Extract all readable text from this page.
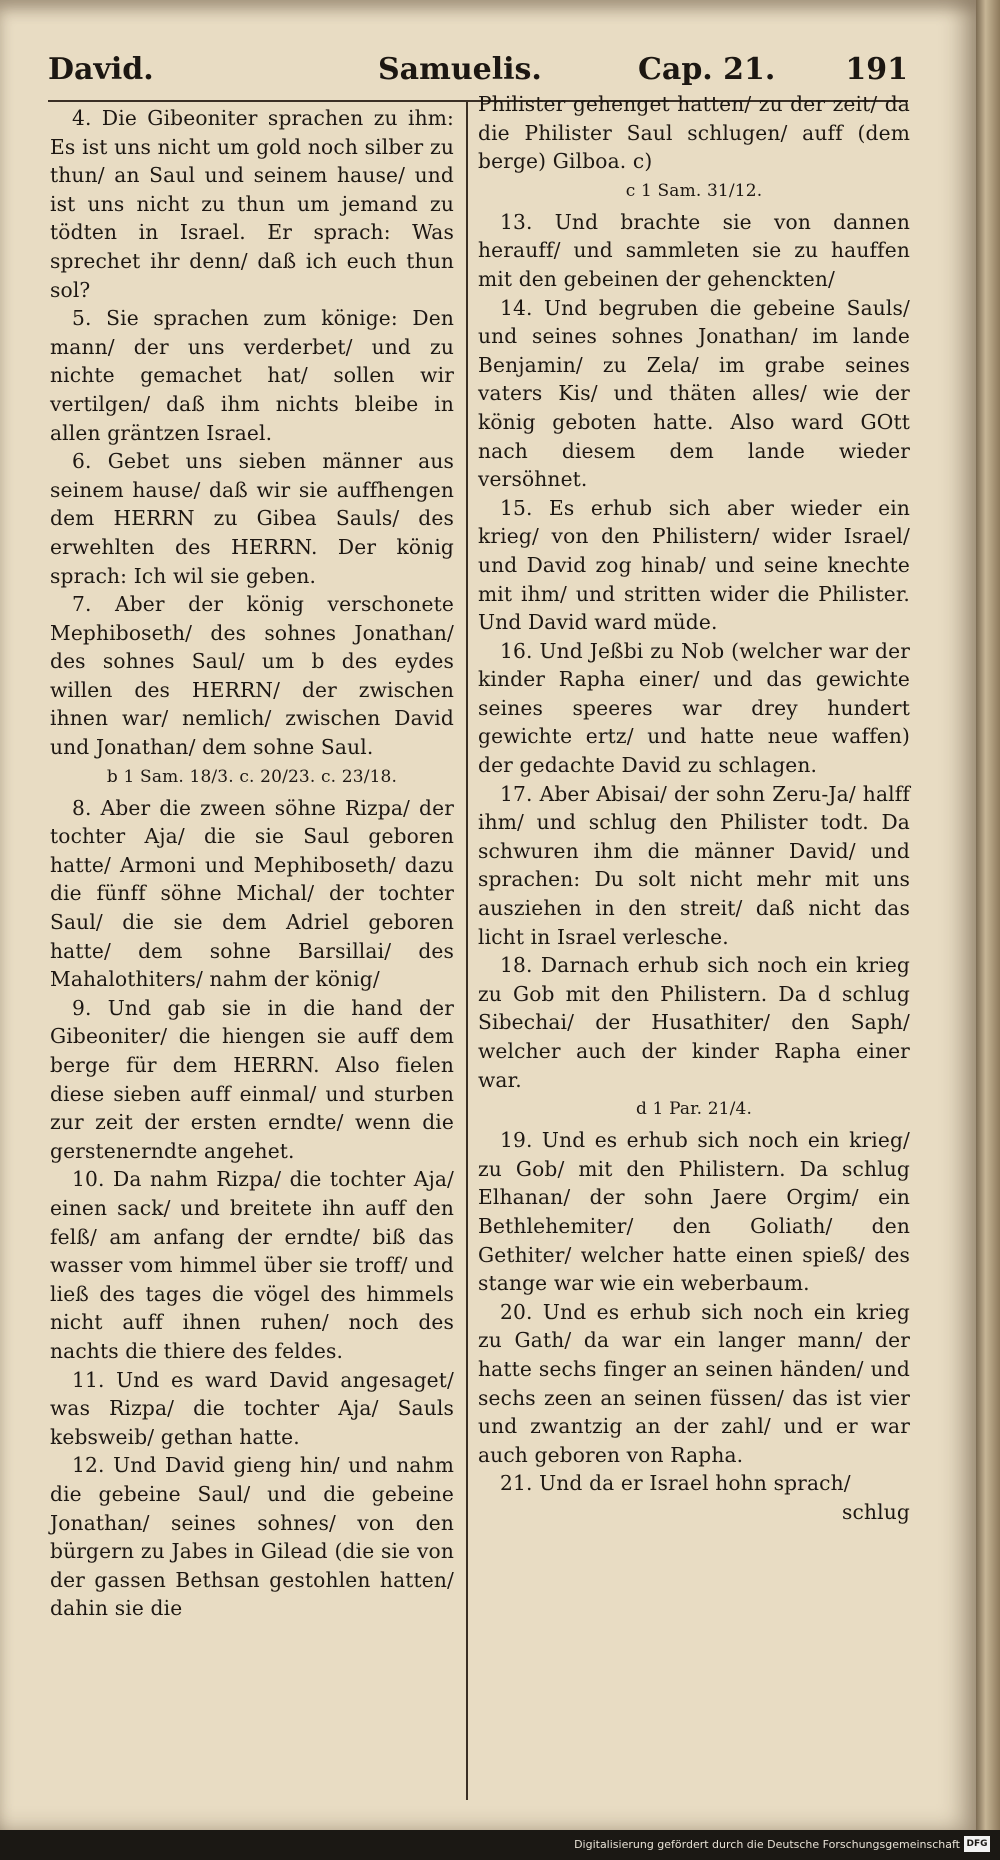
David.	Samuelis.	Cap. 21. 191

4. Die Gibeoniter sprachen zu ihm: Es ist uns nicht um gold noch silber zu thun/ an Saul und seinem hause/ und ist uns nicht zu thun um jemand zu tödten in Israel. Er sprach: Was sprechet ihr denn/ daß ich euch thun sol?

5. Sie sprachen zum könige: Den mann/ der uns verderbet/ und zu nichte gemachet hat/ sollen wir vertilgen/ daß ihm nichts bleibe in allen gräntzen Israel.

6. Gebet uns sieben männer aus seinem hause/ daß wir sie auffhengen dem HERRN zu Gibea Sauls/ des erwehlten des HERRN. Der könig sprach: Ich wil sie geben.

7. Aber der könig verschonete Mephiboseth/ des sohnes Jonathan/ des sohnes Saul/ um b des eydes willen des HERRN/ der zwischen ihnen war/ nemlich/ zwischen David und Jonathan/ dem sohne Saul.

b 1 Sam. 18/3. c. 20/23. c. 23/18.

8. Aber die zween söhne Rizpa/ der tochter Aja/ die sie Saul geboren hatte/ Armoni und Mephiboseth/ dazu die fünff söhne Michal/ der tochter Saul/ die sie dem Adriel geboren hatte/ dem sohne Barsillai/ des Mahalothiters/ nahm der könig/

9. Und gab sie in die hand der Gibeoniter/ die hiengen sie auff dem berge für dem HERRN. Also fielen diese sieben auff einmal/ und sturben zur zeit der ersten erndte/ wenn die gerstenerndte angehet.

10. Da nahm Rizpa/ die tochter Aja/ einen sack/ und breitete ihn auff den felß/ am anfang der erndte/ biß das wasser vom himmel über sie troff/ und ließ des tages die vögel des himmels nicht auff ihnen ruhen/ noch des nachts die thiere des feldes.

11. Und es ward David angesaget/ was Rizpa/ die tochter Aja/ Sauls kebsweib/ gethan hatte.

12. Und David gieng hin/ und nahm die gebeine Saul/ und die gebeine Jonathan/ seines sohnes/ von den bürgern zu Jabes in Gilead (die sie von der gassen Bethsan gestohlen hatten/ dahin sie die

Philister gehenget hatten/ zu der zeit/ da die Philister Saul schlugen/ auff (dem berge) Gilboa. c)

c 1 Sam. 31/12.

13. Und brachte sie von dannen herauff/ und sammleten sie zu hauffen mit den gebeinen der gehenckten/

14. Und begruben die gebeine Sauls/ und seines sohnes Jonathan/ im lande Benjamin/ zu Zela/ im grabe seines vaters Kis/ und thäten alles/ wie der könig geboten hatte. Also ward GOtt nach diesem dem lande wieder versöhnet.

15. Es erhub sich aber wieder ein krieg/ von den Philistern/ wider Israel/ und David zog hinab/ und seine knechte mit ihm/ und stritten wider die Philister. Und David ward müde.

16. Und Jeßbi zu Nob (welcher war der kinder Rapha einer/ und das gewichte seines speeres war drey hundert gewichte ertz/ und hatte neue waffen) der gedachte David zu schlagen.

17. Aber Abisai/ der sohn Zeru-Ja/ halff ihm/ und schlug den Philister todt. Da schwuren ihm die männer David/ und sprachen: Du solt nicht mehr mit uns ausziehen in den streit/ daß nicht das licht in Israel verlesche.

18. Darnach erhub sich noch ein krieg zu Gob mit den Philistern. Da d schlug Sibechai/ der Husathiter/ den Saph/ welcher auch der kinder Rapha einer war.

d 1 Par. 21/4.

19. Und es erhub sich noch ein krieg/ zu Gob/ mit den Philistern. Da schlug Elhanan/ der sohn Jaere Orgim/ ein Bethlehemiter/ den Goliath/ den Gethiter/ welcher hatte einen spieß/ des stange war wie ein weberbaum.

20. Und es erhub sich noch ein krieg zu Gath/ da war ein langer mann/ der hatte sechs finger an seinen händen/ und sechs zeen an seinen füssen/ das ist vier und zwantzig an der zahl/ und er war auch geboren von Rapha.

21. Und da er Israel hohn sprach/

schlug

Digitalisierung gefördert durch die Deutsche Forschungsgemeinschaft DFG
